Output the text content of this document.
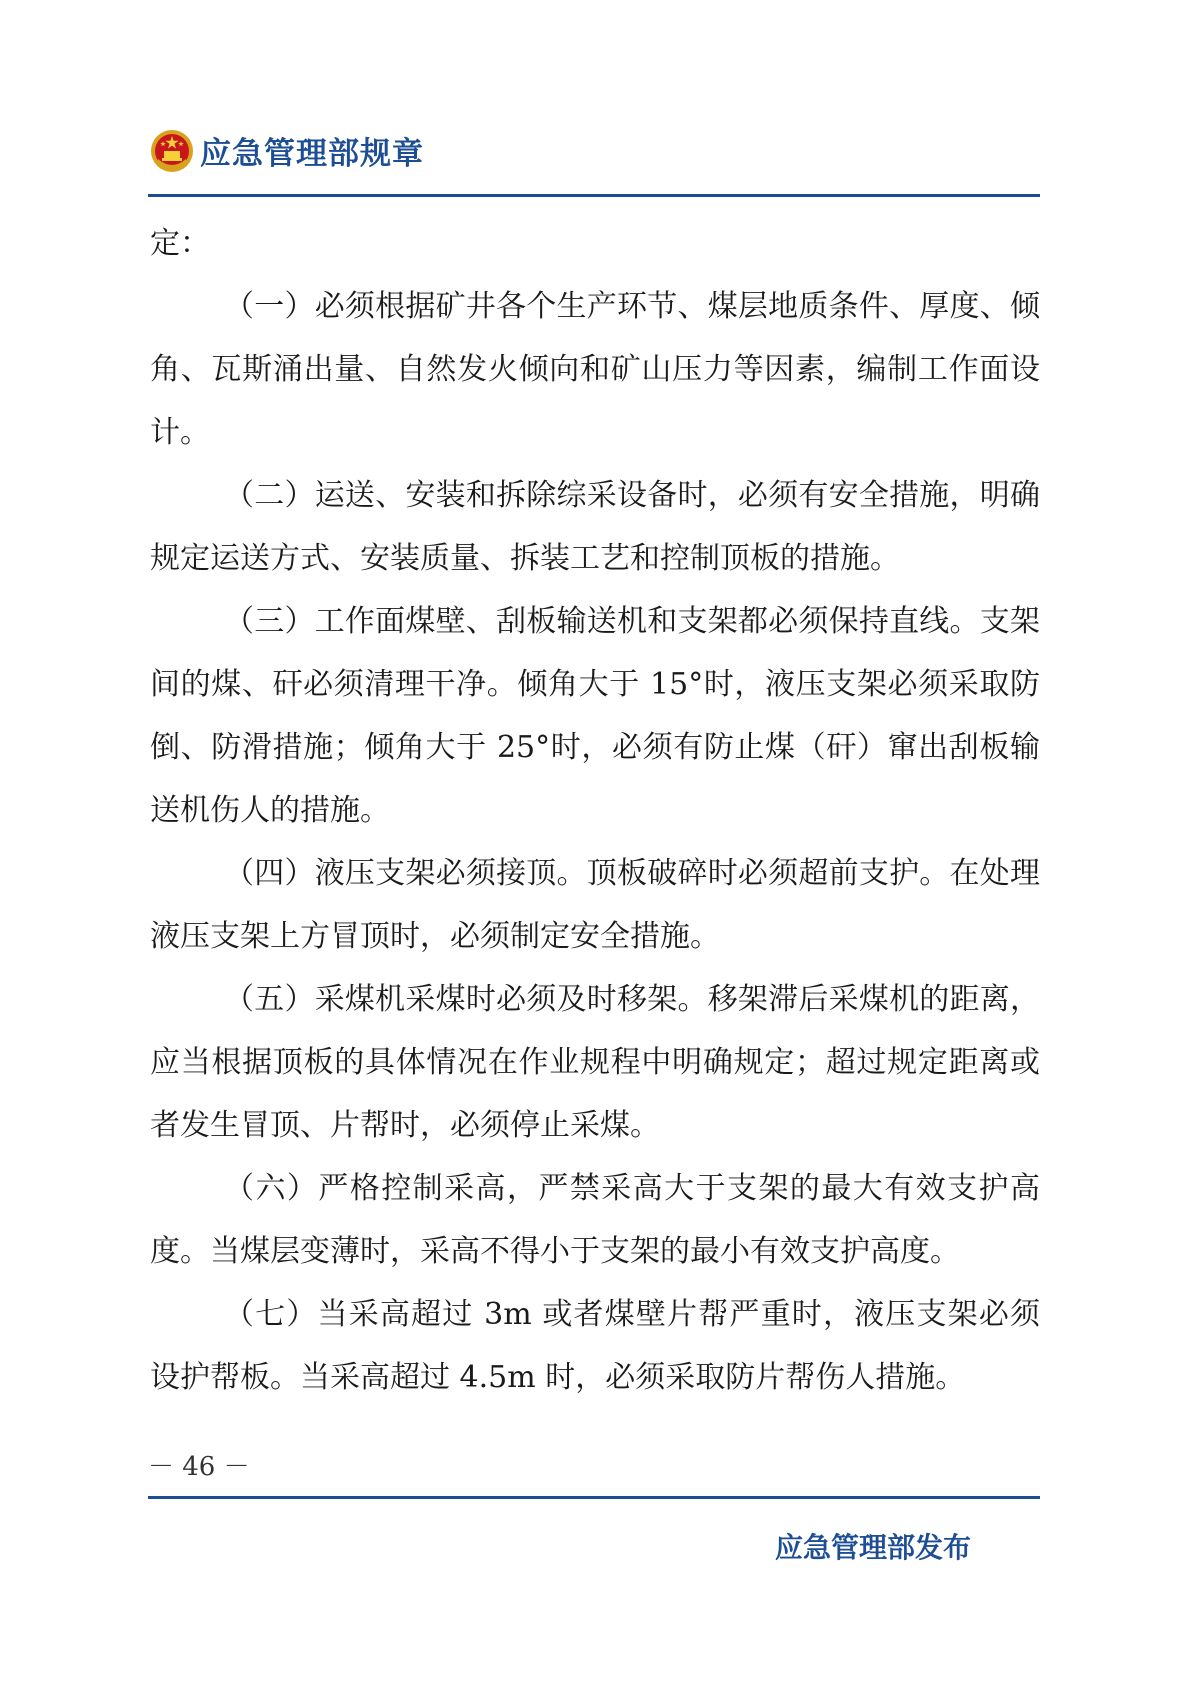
应急管理部规章

定：

（一）必须根据矿井各个生产环节、煤层地质条件、厚度、倾角、瓦斯涌出量、自然发火倾向和矿山压力等因素，编制工作面设计。

（二）运送、安装和拆除综采设备时，必须有安全措施，明确规定运送方式、安装质量、拆装工艺和控制顶板的措施。

（三）工作面煤壁、刮板输送机和支架都必须保持直线。支架间的煤、矸必须清理干净。倾角大于 15°时，液压支架必须采取防倒、防滑措施；倾角大于 25°时，必须有防止煤（矸）窜出刮板输送机伤人的措施。

（四）液压支架必须接顶。顶板破碎时必须超前支护。在处理液压支架上方冒顶时，必须制定安全措施。

（五）采煤机采煤时必须及时移架。移架滞后采煤机的距离，应当根据顶板的具体情况在作业规程中明确规定；超过规定距离或者发生冒顶、片帮时，必须停止采煤。

（六）严格控制采高，严禁采高大于支架的最大有效支护高度。当煤层变薄时，采高不得小于支架的最小有效支护高度。

（七）当采高超过 3m 或者煤壁片帮严重时，液压支架必须设护帮板。当采高超过 4.5m 时，必须采取防片帮伤人措施。

－ 46 －
应急管理部发布
